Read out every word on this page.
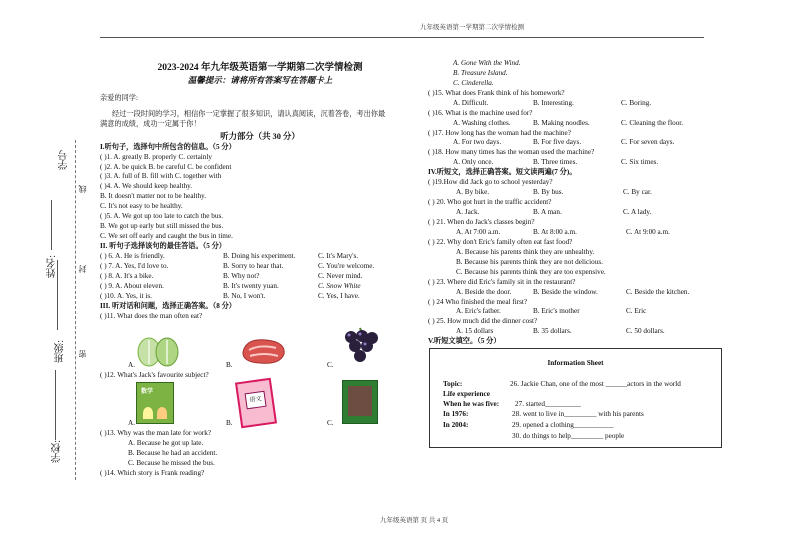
九年级英语第一学期第二次学情检测
学校:
班级:
姓名:
学号
密
封
线
2023-2024 年九年级英语第一学期第二次学情检测
温馨提示：请将所有答案写在答题卡上
亲爱的同学:
经过一段时间的学习，相信你一定掌握了很多知识，请认真阅读，沉着答卷，考出你最
满意的成绩，成功一定属于你！
听力部分（共 30 分）
I.听句子，选择句中所包含的信息。（5 分）
( )1. A. greatly B. properly C. certainly
( )2. A. be quick B. be careful C. be confident
( )3. A. full of B. fill with C. together with
( )4. A. We should keep healthy.
B. It doesn't matter not to be healthy.
C. It's not easy to be healthy.
( )5. A. We got up too late to catch the bus.
B. We got up early but still missed the bus.
C. We set off early and caught the bus in time.
II. 听句子选择该句的最佳答语。（5 分）
( ) 6. A. He is friendly.	B. Doing his experiment.	C. It's Mary's.
( ) 7. A. Yes, I'd love to.	B. Sorry to hear that.	C. You're welcome.
( ) 8. A. It's a bike.	B. Why not?	C. Never mind.
( ) 9. A. About eleven.	B. It's twenty yuan.	C. Snow White
( )10. A. Yes, it is.	B. No, I won't.	C. Yes, I have.
III. 听对话和问题，选择正确答案。（8 分）
( )11. What does the man often eat?
A.	B.	C.
( )12. What's Jack's favourite subject?
数学
语文
A.	B.	C.
( )13. Why was the man late for work?
A. Because he got up late.
B. Because he had an accident.
C. Because he missed the bus.
( )14. Which story is Frank reading?
A. Gone With the Wind.
B. Treasure Island.
C. Cinderella.
( )15. What does Frank think of his homework?
A. Difficult.	B. Interesting.	C. Boring.
( )16. What is the machine used for?
A. Washing clothes.	B. Making noodles.	C. Cleaning the floor.
( )17. How long has the woman had the machine?
A. For two days.	B. For five days.	C. For seven days.
( )18. How many times has the woman used the machine?
A. Only once.	B. Three times.	C. Six times.
IV.听短文，选择正确答案。短文读两遍(7 分)。
( )19.How did Jack go to school yesterday?
A. By bike.	B. By bus.	C. By car.
( ) 20. Who got hurt in the traffic accident?
A. Jack.	B. A man.	C. A lady.
( ) 21. When do Jack's classes begin?
A. At 7:00 a.m.	B. At 8:00 a.m.	C. At 9:00 a.m.
( ) 22. Why don't Eric's family often eat fast food?
A. Because his parents think they are unhealthy.
B. Because his parents think they are not delicious.
C. Because his parents think they are too expensive.
( ) 23. Where did Eric's family sit in the restaurant?
A. Beside the door.	B. Beside the window.	C. Beside the kitchen.
( ) 24 Who finished the meal first?
A. Eric's father.	B. Eric's mother	C. Eric
( ) 25. How much did the dinner cost?
A. 15 dollars	B. 35 dollars.	C. 50 dollars.
V.听短文填空。（5 分）
Information Sheet
Topic:	26. Jackie Chan, one of the most ______actors in the world
Life experience
When he was five: 27. started__________
In 1976:	28. went to live in_________ with his parents
In 2004:	29. opened a clothing___________
30. do things to help_________ people
九年级英语第 页 共 4 页
